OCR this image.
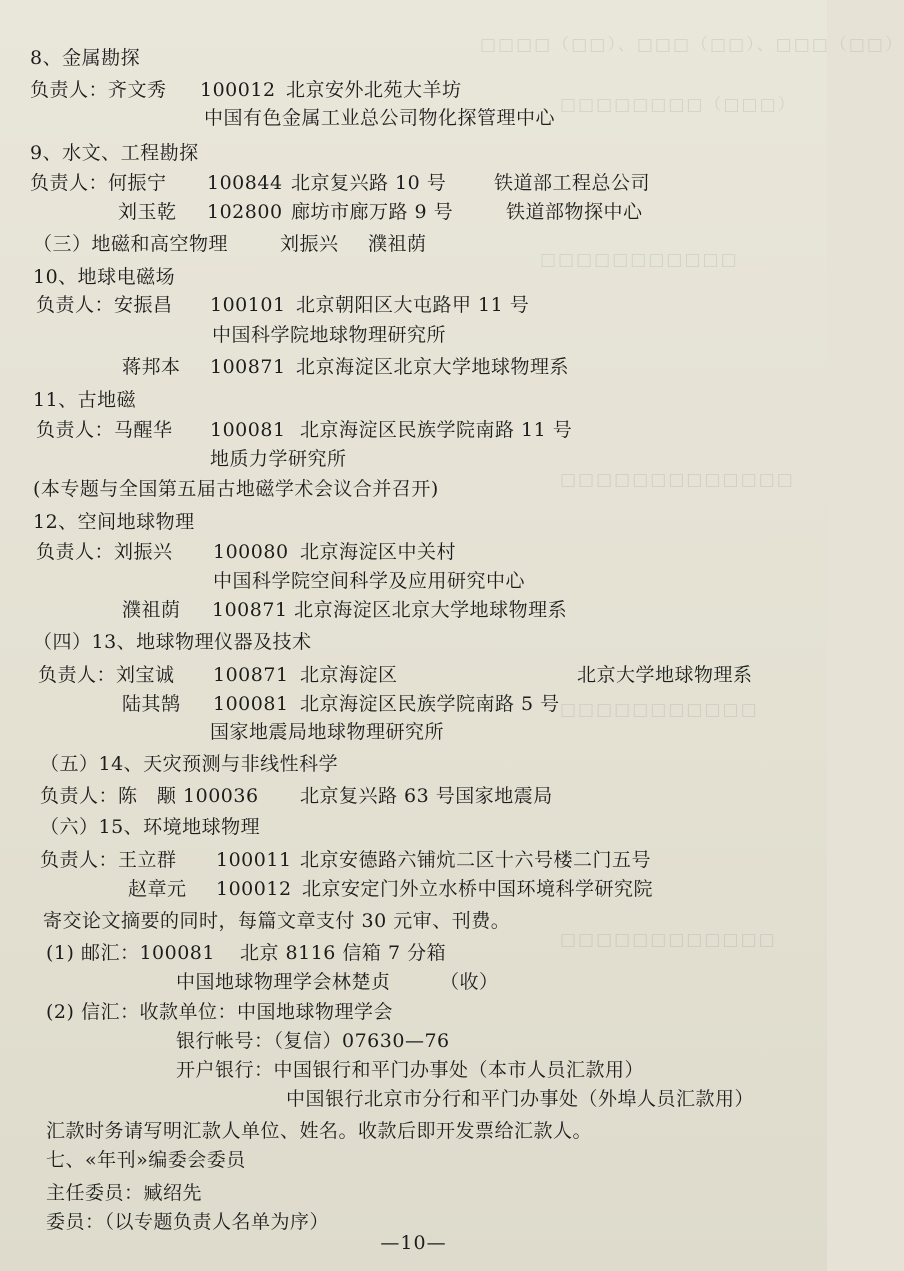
□□□□（□□）、□□□（□□）、□□□（□□）
□□□□□□□□（□□□）
□□□□□□□□□□□
□□□□□□□□□□□□□
□□□□□□□□□□□
□□□□□□□□□□□□
8、金属勘探
负责人：齐文秀 100012 北京安外北苑大羊坊
中国有色金属工业总公司物化探管理中心
9、水文、工程勘探
负责人：何振宁 100844 北京复兴路 10 号	铁道部工程总公司
刘玉乾 102800 廊坊市廊万路 9 号	铁道部物探中心
（三）地磁和高空物理	刘振兴 濮祖荫
10、地球电磁场
负责人：安振昌 100101 北京朝阳区大屯路甲 11 号
中国科学院地球物理研究所
蒋邦本 100871 北京海淀区北京大学地球物理系
11、古地磁
负责人：马醒华 100081 北京海淀区民族学院南路 11 号
地质力学研究所
(本专题与全国第五届古地磁学术会议合并召开)
12、空间地球物理
负责人：刘振兴 100080 北京海淀区中关村
中国科学院空间科学及应用研究中心
濮祖荫 100871 北京海淀区北京大学地球物理系
（四）13、地球物理仪器及技术
负责人：刘宝诚 100871 北京海淀区	北京大学地球物理系
陆其鹄 100081 北京海淀区民族学院南路 5 号
国家地震局地球物理研究所
（五）14、天灾预测与非线性科学
负责人：陈　颙 100036 北京复兴路 63 号国家地震局
（六）15、环境地球物理
负责人：王立群 100011 北京安德路六铺炕二区十六号楼二门五号
赵章元 100012 北京安定门外立水桥中国环境科学研究院
寄交论文摘要的同时，每篇文章支付 30 元审、刊费。
(1) 邮汇：100081 北京 8116 信箱 7 分箱
中国地球物理学会林楚贞	（收）
(2) 信汇：收款单位：中国地球物理学会
银行帐号：（复信）07630—76
开户银行：中国银行和平门办事处（本市人员汇款用）
中国银行北京市分行和平门办事处（外埠人员汇款用）
汇款时务请写明汇款人单位、姓名。收款后即开发票给汇款人。
七、«年刊»编委会委员
主任委员：臧绍先
委员：（以专题负责人名单为序）
—10—
